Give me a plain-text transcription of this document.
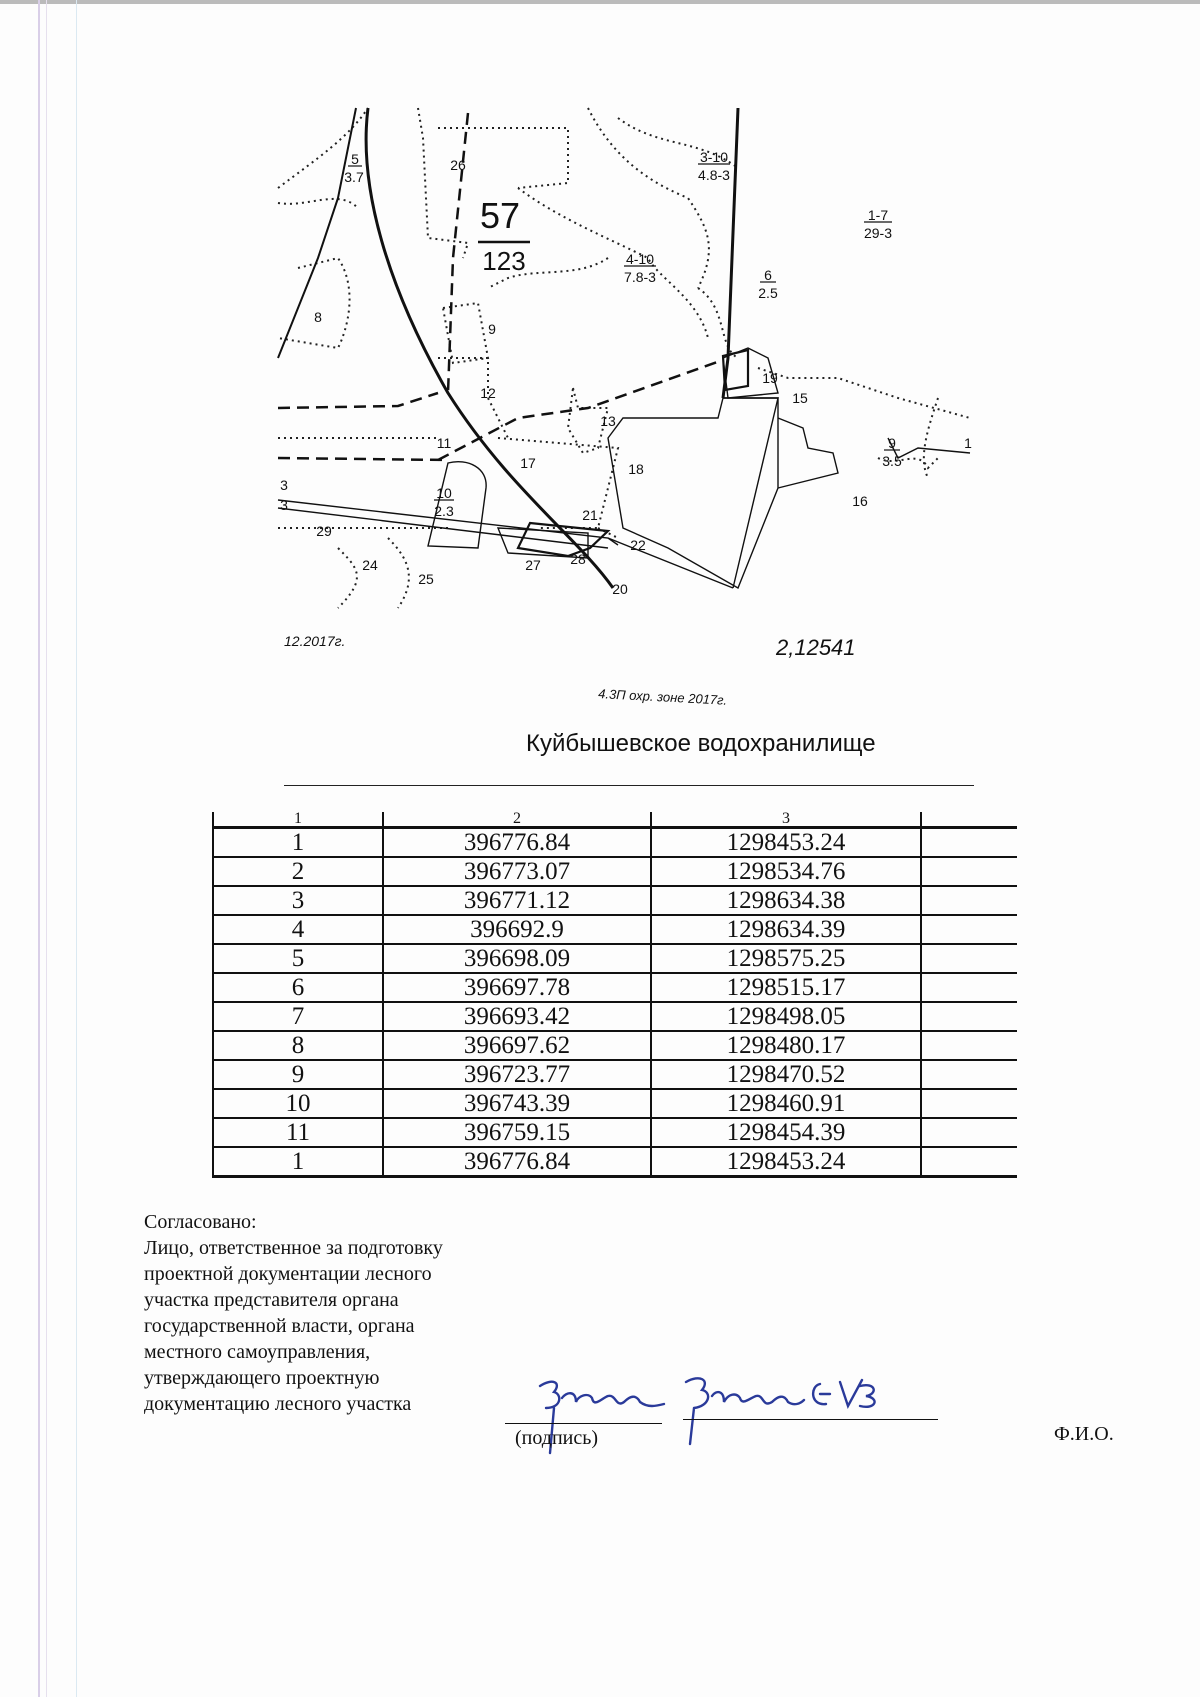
5
3.7
26	3-10
4.8-3
1-7
29-3
4-10
7.8-3	6
2.5
8
9
12
19
15
13
11	9
3.5
1
17	18
16
10
2.3
3
3
21
29
22
28
27
24
25
20
57
123
2,12541
12.2017г.
4.3П охр. зоне 2017г.
Куйбышевское водохранилище
1	2	3	
1	396776.84	1298453.24	
2	396773.07	1298534.76	
3	396771.12	1298634.38	
4	396692.9	1298634.39	
5	396698.09	1298575.25	
6	396697.78	1298515.17	
7	396693.42	1298498.05	
8	396697.62	1298480.17	
9	396723.77	1298470.52	
10	396743.39	1298460.91	
11	396759.15	1298454.39	
1	396776.84	1298453.24	
Согласовано:
Лицо, ответственное за подготовку
проектной документации лесного
участка представителя органа
государственной власти, органа
местного самоуправления,
утверждающего проектную
документацию лесного участка
(подпись)	Ф.И.О.
